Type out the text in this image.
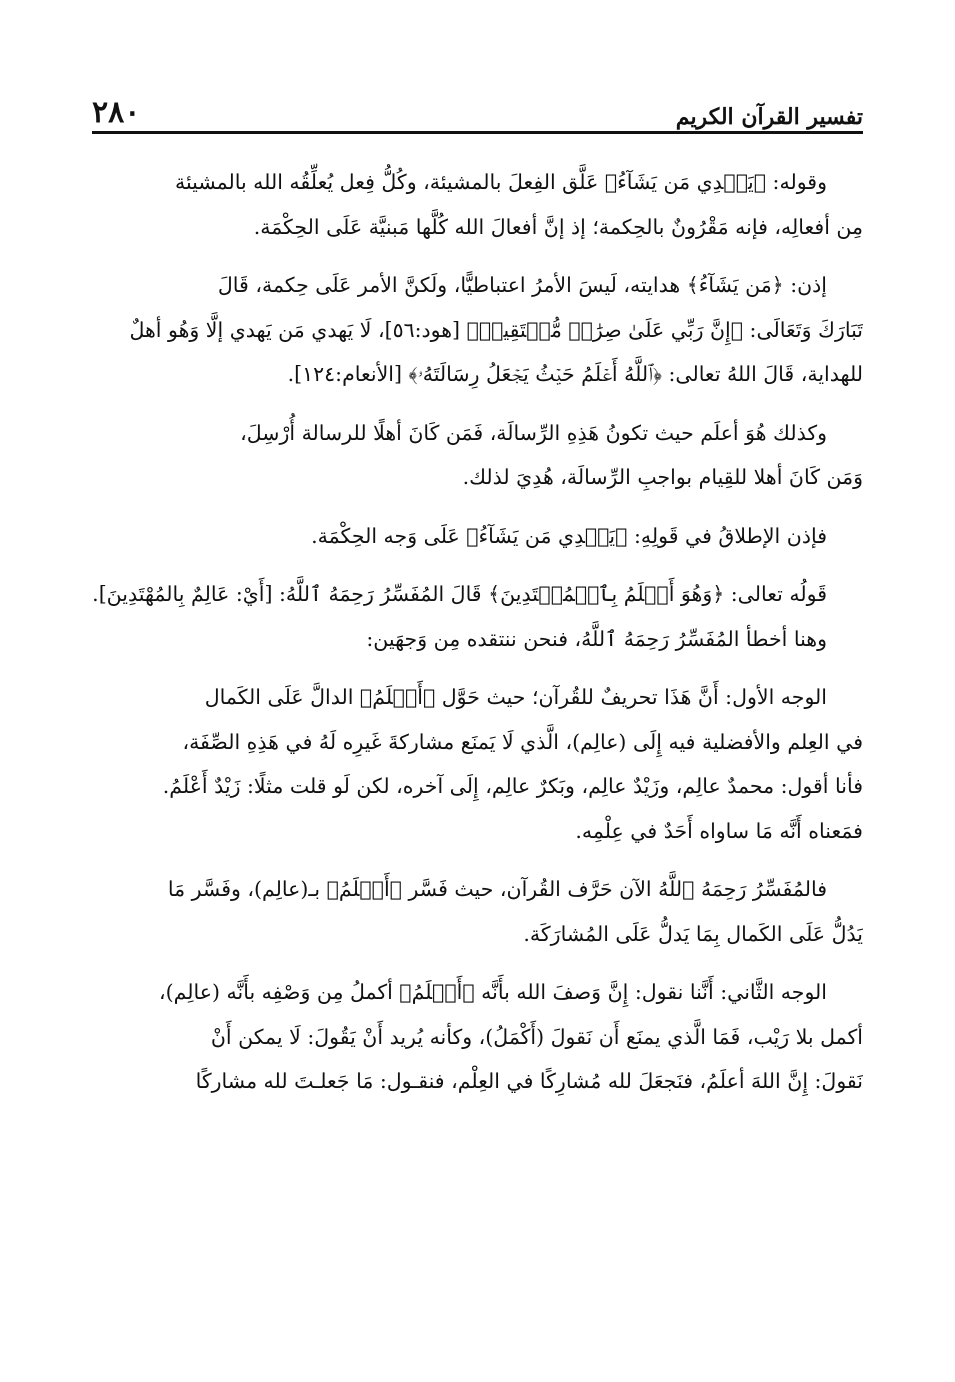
٢٨٠	تفسير القرآن الكريم

وقوله: ﴿يَهۡدِي مَن يَشَآءُ﴾ عَلَّق الفِعلَ بالمشيئة، وكُلُّ فِعل يُعلِّقُه الله بالمشيئة
مِن أفعالِه، فإنه مَقْرُونٌ بالحِكمة؛ إذ إنَّ أفعالَ الله كُلَّها مَبنيَّة عَلَى الحِكْمَة.

إذن: ﴿مَن يَشَآءُ﴾ هدايته، لَيسَ الأمرُ اعتباطيًّا، ولَكنَّ الأمر عَلَى حِكمة، قَالَ
تَبَارَكَ وَتَعَالَى: ﴿إِنَّ رَبِّي عَلَىٰ صِرَٰطٖ مُّسۡتَقِيمٖ﴾ [هود:٥٦]، لَا يَهدي مَن يَهدي إلَّا وَهُو أهلٌ
للهداية، قَالَ اللهُ تعالى: ﴿ٱللَّهُ أَعۡلَمُ حَيۡثُ يَجۡعَلُ رِسَالَتَهُۥ﴾ [الأنعام:١٢٤].

وكذلك هُوَ أعلَم حيث تكونُ هَذِهِ الرِّسالَة، فَمَن كَانَ أهلًا للرسالة أُرْسِلَ،
وَمَن كَانَ أهلا للقِيام بواجبِ الرِّسالَة، هُدِيَ لذلك.

فإذن الإطلاقُ في قَولِهِ: ﴿يَهۡدِي مَن يَشَآءُ﴾ عَلَى وَجه الحِكْمَة.

قَولُه تعالى: ﴿وَهُوَ أَعۡلَمُ بِٱلۡمُهۡتَدِينَ﴾ قَالَ المُفَسِّرُ رَحِمَهُ ٱللَّهُ: [أَيْ: عَالِمٌ بِالمُهْتَدِينَ].
وهنا أخطأ المُفَسِّرُ رَحِمَهُ ٱللَّهُ، فنحن ننتقده مِن وَجهَين:

الوجه الأول: أَنَّ هَذَا تحريفٌ للقُرآن؛ حيث حَوَّل ﴿أَعۡلَمُ﴾ الدالَّ عَلَى الكَمال
في العِلم والأفضلية فيه إِلَى (عالِم)، الَّذي لَا يَمنَع مشاركةَ غَيرِه لَهُ في هَذِهِ الصِّفَة،
فأنا أقول: محمدٌ عالِم، وزَيْدٌ عالِم، وبَكرٌ عالِم، إِلَى آخره، لكن لَو قلت مثلًا: زَيْدٌ أَعْلَمُ.
فمَعناه أَنَّه مَا ساواه أَحَدٌ في عِلْمِه.

فالمُفَسِّرُ رَحِمَهُ ٱللَّهُ الآن حَرَّف القُرآن، حيث فَسَّر ﴿أَعۡلَمُ﴾ بـ(عالِم)، وفَسَّر مَا
يَدُلُّ عَلَى الكَمال بِمَا يَدلُّ عَلَى المُشارَكَة.

الوجه الثَّاني: أَنَّنا نقول: إِنَّ وَصفَ الله بأَنَّه ﴿أَعۡلَمُ﴾ أكملُ مِن وَصْفِه بأَنَّه (عالِم)،
أكمل بلا رَيْب، فَمَا الَّذي يمنَع أَن نَقولَ (أَكْمَلُ)، وكأنه يُريد أَنْ يَقُولَ: لَا يمكن أَنْ
نَقولَ: إِنَّ اللهَ أعلَمُ، فنَجعَلَ لله مُشارِكًا في العِلْم، فنقـول: مَا جَعلـتَ لله مشاركًا
